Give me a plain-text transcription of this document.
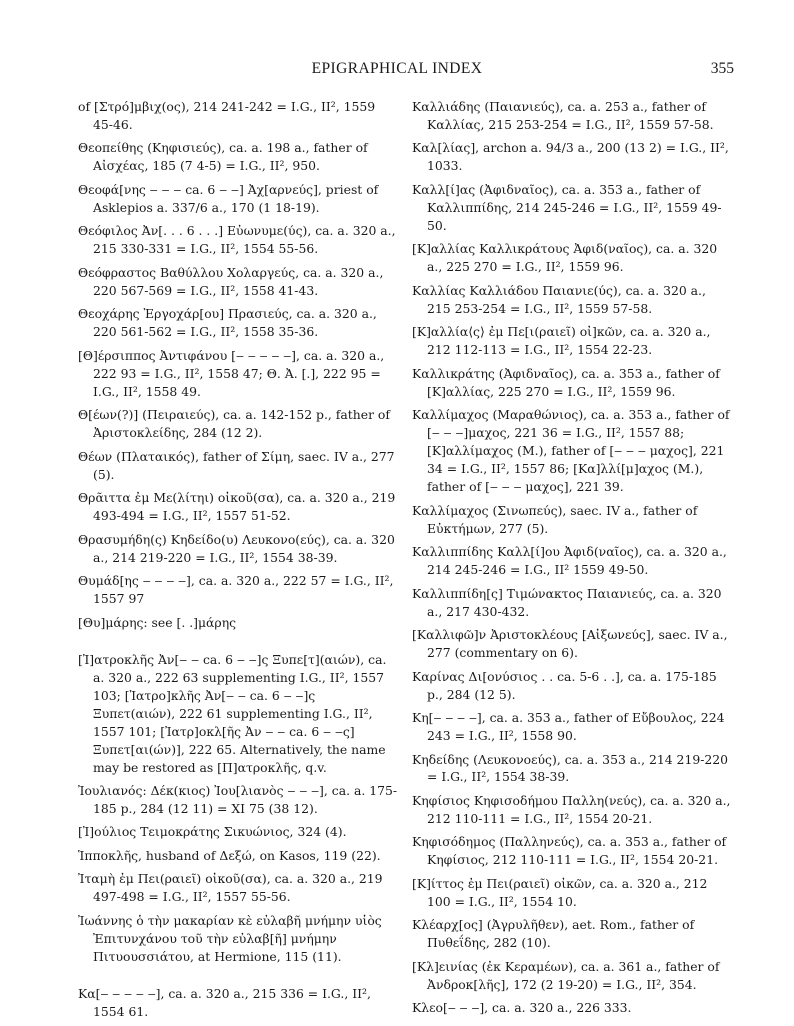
EPIGRAPHICAL INDEX	355

of [Στρό]μβιχ(ος), 214 241-242 = I.G., II², 1559 45-46.

Θεοπείθης (Κηφισιεύς), ca. a. 198 a., father of Αἰσχέας, 185 (7 4-5) = I.G., II², 950.

Θεοφά[νης ‒ ‒ ‒ ca. 6 ‒ ‒] Ἀχ[αρνεύς], priest of Asklepios a. 337/6 a., 170 (1 18-19).

Θεόφιλος Ἀν[. . . 6 . . .] Εὐωνυμε(ύς), ca. a. 320 a., 215 330-331 = I.G., II², 1554 55-56.

Θεόφραστος Βαθύλλου Χολαργεύς, ca. a. 320 a., 220 567-569 = I.G., II², 1558 41-43.

Θεοχάρης Ἐργοχάρ[ου] Πρασιεύς, ca. a. 320 a., 220 561-562 = I.G., II², 1558 35-36.

[Θ]έρσιππος Ἀντιφάνου [‒ ‒ ‒ ‒ ‒], ca. a. 320 a., 222 93 = I.G., II², 1558 47; Θ. Ἀ. [.], 222 95 = I.G., II², 1558 49.

Θ[έων(?)] (Πειραιεύς), ca. a. 142-152 p., father of Ἀριστοκλείδης, 284 (12 2).

Θέων (Πλαταικός), father of Σίμη, saec. IV a., 277 (5).

Θρᾶιττα ἐμ Με(λίτηι) οἰκοῦ(σα), ca. a. 320 a., 219 493-494 = I.G., II², 1557 51-52.

Θρασυμήδη(ς) Κηδείδο(υ) Λευκονο(εύς), ca. a. 320 a., 214 219-220 = I.G., II², 1554 38-39.

Θυμάδ[ης ‒ ‒ ‒ ‒], ca. a. 320 a., 222 57 = I.G., II², 1557 97

[Θυ]μάρης: see [. .]μάρης

[Ἰ]ατροκλῆς Ἀν[‒ ‒ ca. 6 ‒ ‒]ς Ξυπε[τ](αιών), ca. a. 320 a., 222 63 supplementing I.G., II², 1557 103; [Ἰατρο]κλῆς Ἀν[‒ ‒ ca. 6 ‒ ‒]ς Ξυπετ(αιών), 222 61 supplementing I.G., II², 1557 101; [Ἰατρ]οκλ[ῆς Ἀν ‒ ‒ ca. 6 ‒ ‒ς] Ξυπετ[αι(ών)], 222 65. Alternatively, the name may be restored as [Π]ατροκλῆς, q.v.

Ἰουλιανός: Δέκ(κιος) Ἰου[λιανὸς ‒ ‒ ‒], ca. a. 175-185 p., 284 (12 11) = XI 75 (38 12).

[Ἰ]ούλιος Τειμοκράτης Σικυώνιος, 324 (4).

Ἱπποκλῆς, husband of Δεξώ, on Kasos, 119 (22).

Ἰταμὴ ἐμ Πει(ραιεῖ) οἰκοῦ(σα), ca. a. 320 a., 219 497-498 = I.G., II², 1557 55-56.

Ἰωάννης ὁ τὴν μακαρίαν κὲ εὐλαβῆ μνήμην υἱὸς Ἐπιτυνχάνου τοῦ τὴν εὐλαβ[ῆ] μνήμην Πιτυουσσιάτου, at Hermione, 115 (11).

Κα[‒ ‒ ‒ ‒ ‒], ca. a. 320 a., 215 336 = I.G., II², 1554 61.

Καλλιάδης (Παιανιεύς), ca. a. 253 a., father of Καλλίας, 215 253-254 = I.G., II², 1559 57-58.

Καλ[λίας], archon a. 94/3 a., 200 (13 2) = I.G., II², 1033.

Καλλ[ί]ας (Ἀφιδναῖος), ca. a. 353 a., father of Καλλιππίδης, 214 245-246 = I.G., II², 1559 49-50.

[Κ]αλλίας Καλλικράτους Ἀφιδ(ναῖος), ca. a. 320 a., 225 270 = I.G., II², 1559 96.

Καλλίας Καλλιάδου Παιανιε(ύς), ca. a. 320 a., 215 253-254 = I.G., II², 1559 57-58.

[Κ]αλλία⟨ς⟩ ἐμ Πε[ι(ραιεῖ) οἰ]κῶν, ca. a. 320 a., 212 112-113 = I.G., II², 1554 22-23.

Καλλικράτης (Ἀφιδναῖος), ca. a. 353 a., father of [Κ]αλλίας, 225 270 = I.G., II², 1559 96.

Καλλίμαχος (Μαραθώνιος), ca. a. 353 a., father of [‒ ‒ ‒]μαχος, 221 36 = I.G., II², 1557 88; [Κ]αλλίμαχος (Μ.), father of [‒ ‒ ‒ μαχος], 221 34 = I.G., II², 1557 86; [Κα]λλί[μ]αχος (Μ.), father of [‒ ‒ ‒ μαχος], 221 39.

Καλλίμαχος (Σινωπεύς), saec. IV a., father of Εὐκτήμων, 277 (5).

Καλλιππίδης Καλλ[ί]ου Ἀφιδ(ναῖος), ca. a. 320 a., 214 245-246 = I.G., II² 1559 49-50.

Καλλιππίδη[ς] Τιμώνακτος Παιανιεύς, ca. a. 320 a., 217 430-432.

[Καλλιφῶ]ν Ἀριστοκλέους [Αἰξωνεύς], saec. IV a., 277 (commentary on 6).

Καρίνας Δι[ονύσιος . . ca. 5-6 . .], ca. a. 175-185 p., 284 (12 5).

Κη[‒ ‒ ‒ ‒], ca. a. 353 a., father of Εὔβουλος, 224 243 = I.G., II², 1558 90.

Κηδείδης (Λευκονοεύς), ca. a. 353 a., 214 219-220 = I.G., II², 1554 38-39.

Κηφίσιος Κηφισοδήμου Παλλη(νεύς), ca. a. 320 a., 212 110-111 = I.G., II², 1554 20-21.

Κηφισόδημος (Παλληνεύς), ca. a. 353 a., father of Κηφίσιος, 212 110-111 = I.G., II², 1554 20-21.

[Κ]ίττος ἐμ Πει(ραιεῖ) οἰκῶν, ca. a. 320 a., 212 100 = I.G., II², 1554 10.

Κλέαρχ[ος] (Ἀγρυλῆθεν), aet. Rom., father of Πυθεΐδης, 282 (10).

[Κλ]εινίας (ἐκ Κεραμέων), ca. a. 361 a., father of Ἀνδροκ[λῆς], 172 (2 19-20) = I.G., II², 354.

Κλεο[‒ ‒ ‒], ca. a. 320 a., 226 333.
